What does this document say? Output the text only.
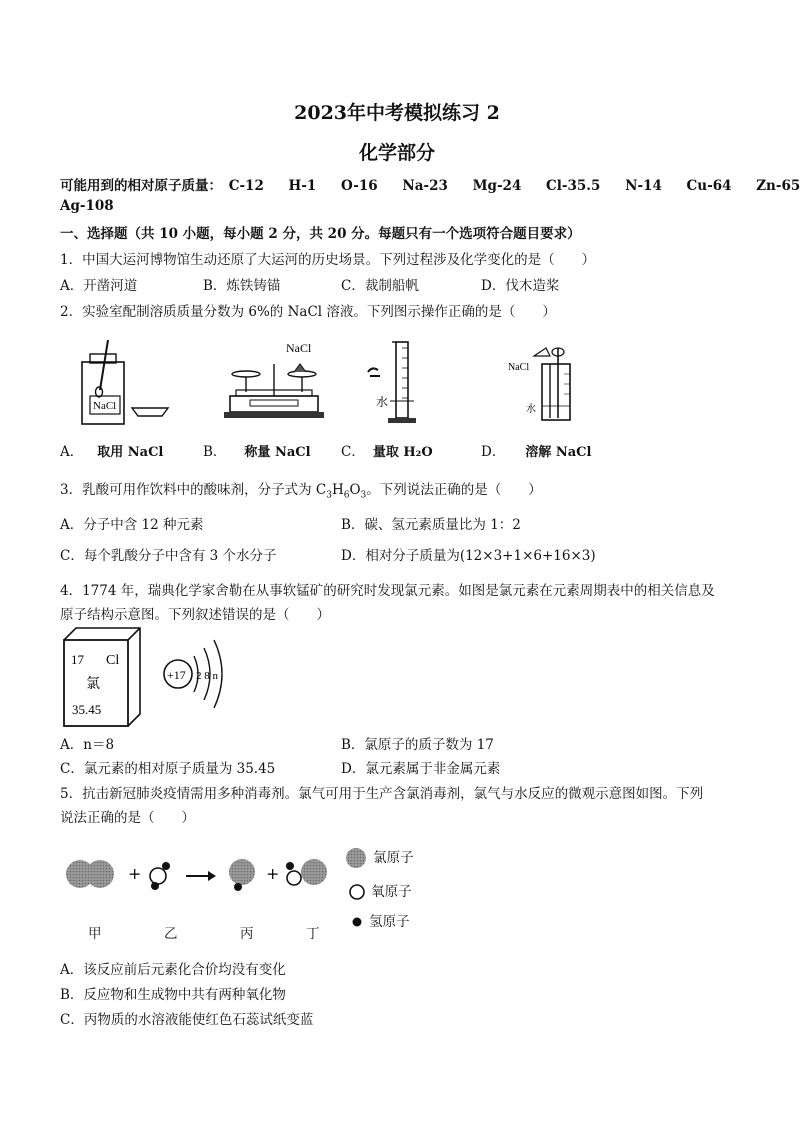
2023年中考模拟练习 2
化学部分
可能用到的相对原子质量： C-12 H-1 O-16 Na-23 Mg-24 Cl-35.5 N-14 Cu-64 Zn-65
Ag-108
一、选择题（共 10 小题，每小题 2 分，共 20 分。每题只有一个选项符合题目要求）
1．中国大运河博物馆生动还原了大运河的历史场景。下列过程涉及化学变化的是（　　）
A．开凿河道	B．炼铁铸锚	C．裁制船帆	D．伐木造桨
2．实验室配制溶质质量分数为 6%的 NaCl 溶液。下列图示操作正确的是（　　）
NaCl
NaCl
水
NaCl
水
A． 取用 NaCl	B． 称量 NaCl C． 量取 H₂O	D． 溶解 NaCl
3．乳酸可用作饮料中的酸味剂，分子式为 $C_3H_6O_3$。下列说法正确的是（　　）
A．分子中含 12 种元素	B．碳、氢元素质量比为 1：2
C．每个乳酸分子中含有 3 个水分子	D．相对分子质量为(12×3+1×6+16×3)
4．1774 年，瑞典化学家舍勒在从事软锰矿的研究时发现氯元素。如图是氯元素在元素周期表中的相关信息及
原子结构示意图。下列叙述错误的是（　　）
17 Cl
氯
35.45
+17 2 8 n
A．n＝8	B．氯原子的质子数为 17
C．氯元素的相对原子质量为 35.45	D．氯元素属于非金属元素
5．抗击新冠肺炎疫情需用多种消毒剂。氯气可用于生产含氯消毒剂，氯气与水反应的微观示意图如图。下列
说法正确的是（　　）
+	+
氯原子
氧原子
氢原子
甲	乙	丙	丁
A．该反应前后元素化合价均没有变化
B．反应物和生成物中共有两种氧化物
C．丙物质的水溶液能使红色石蕊试纸变蓝
